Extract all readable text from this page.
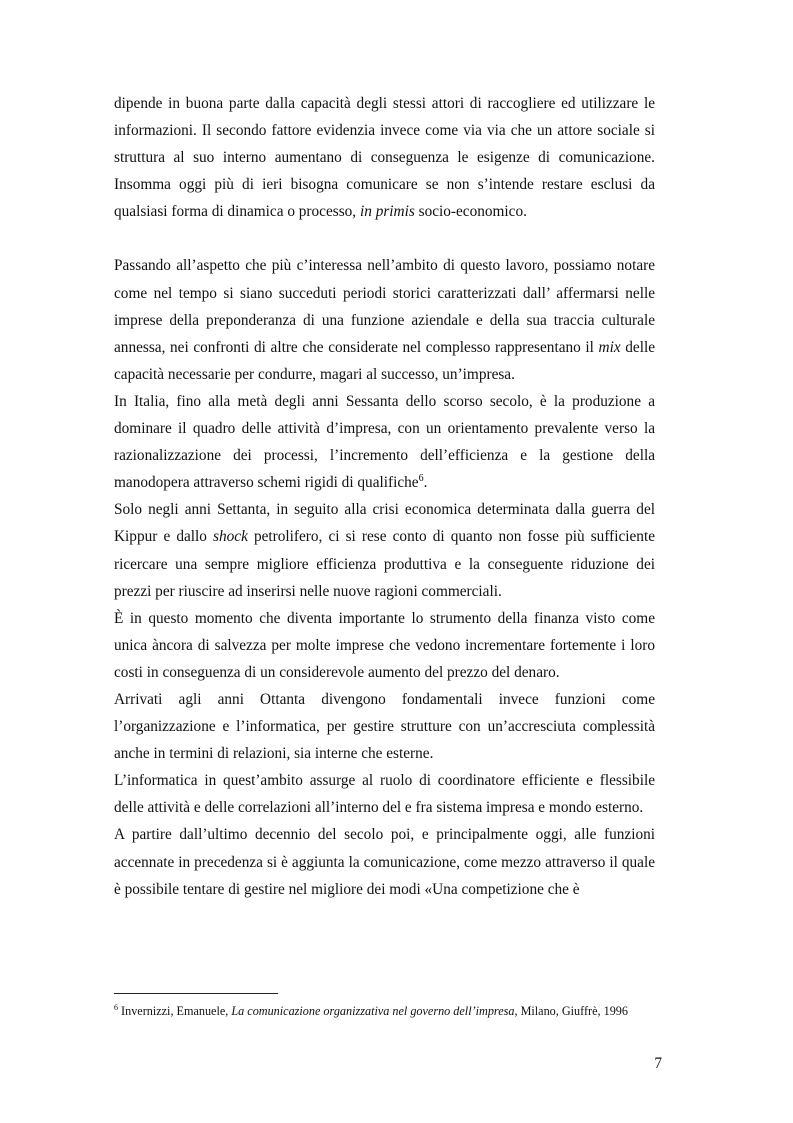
dipende in buona parte dalla capacità degli stessi attori di raccogliere ed utilizzare le informazioni. Il secondo fattore evidenzia invece come via via che un attore sociale si struttura al suo interno aumentano di conseguenza le esigenze di comunicazione. Insomma oggi più di ieri bisogna comunicare se non s’intende restare esclusi da qualsiasi forma di dinamica o processo, in primis socio-economico.

Passando all’aspetto che più c’interessa nell’ambito di questo lavoro, possiamo notare come nel tempo si siano succeduti periodi storici caratterizzati dall’ affermarsi nelle imprese della preponderanza di una funzione aziendale e della sua traccia culturale annessa, nei confronti di altre che considerate nel complesso rappresentano il mix delle capacità necessarie per condurre, magari al successo, un’impresa.

In Italia, fino alla metà degli anni Sessanta dello scorso secolo, è la produzione a dominare il quadro delle attività d’impresa, con un orientamento prevalente verso la razionalizzazione dei processi, l’incremento dell’efficienza e la gestione della manodopera attraverso schemi rigidi di qualifiche$^6$.

Solo negli anni Settanta, in seguito alla crisi economica determinata dalla guerra del Kippur e dallo shock petrolifero, ci si rese conto di quanto non fosse più sufficiente ricercare una sempre migliore efficienza produttiva e la conseguente riduzione dei prezzi per riuscire ad inserirsi nelle nuove ragioni commerciali.

È in questo momento che diventa importante lo strumento della finanza visto come unica àncora di salvezza per molte imprese che vedono incrementare fortemente i loro costi in conseguenza di un considerevole aumento del prezzo del denaro.

Arrivati agli anni Ottanta divengono fondamentali invece funzioni come l’organizzazione e l’informatica, per gestire strutture con un’accresciuta complessità anche in termini di relazioni, sia interne che esterne.

L’informatica in quest’ambito assurge al ruolo di coordinatore efficiente e flessibile delle attività e delle correlazioni all’interno del e fra sistema impresa e mondo esterno.

A partire dall’ultimo decennio del secolo poi, e principalmente oggi, alle funzioni accennate in precedenza si è aggiunta la comunicazione, come mezzo attraverso il quale è possibile tentare di gestire nel migliore dei modi «Una competizione che è

$^6$ Invernizzi, Emanuele, La comunicazione organizzativa nel governo dell’impresa, Milano, Giuffrè, 1996
7
